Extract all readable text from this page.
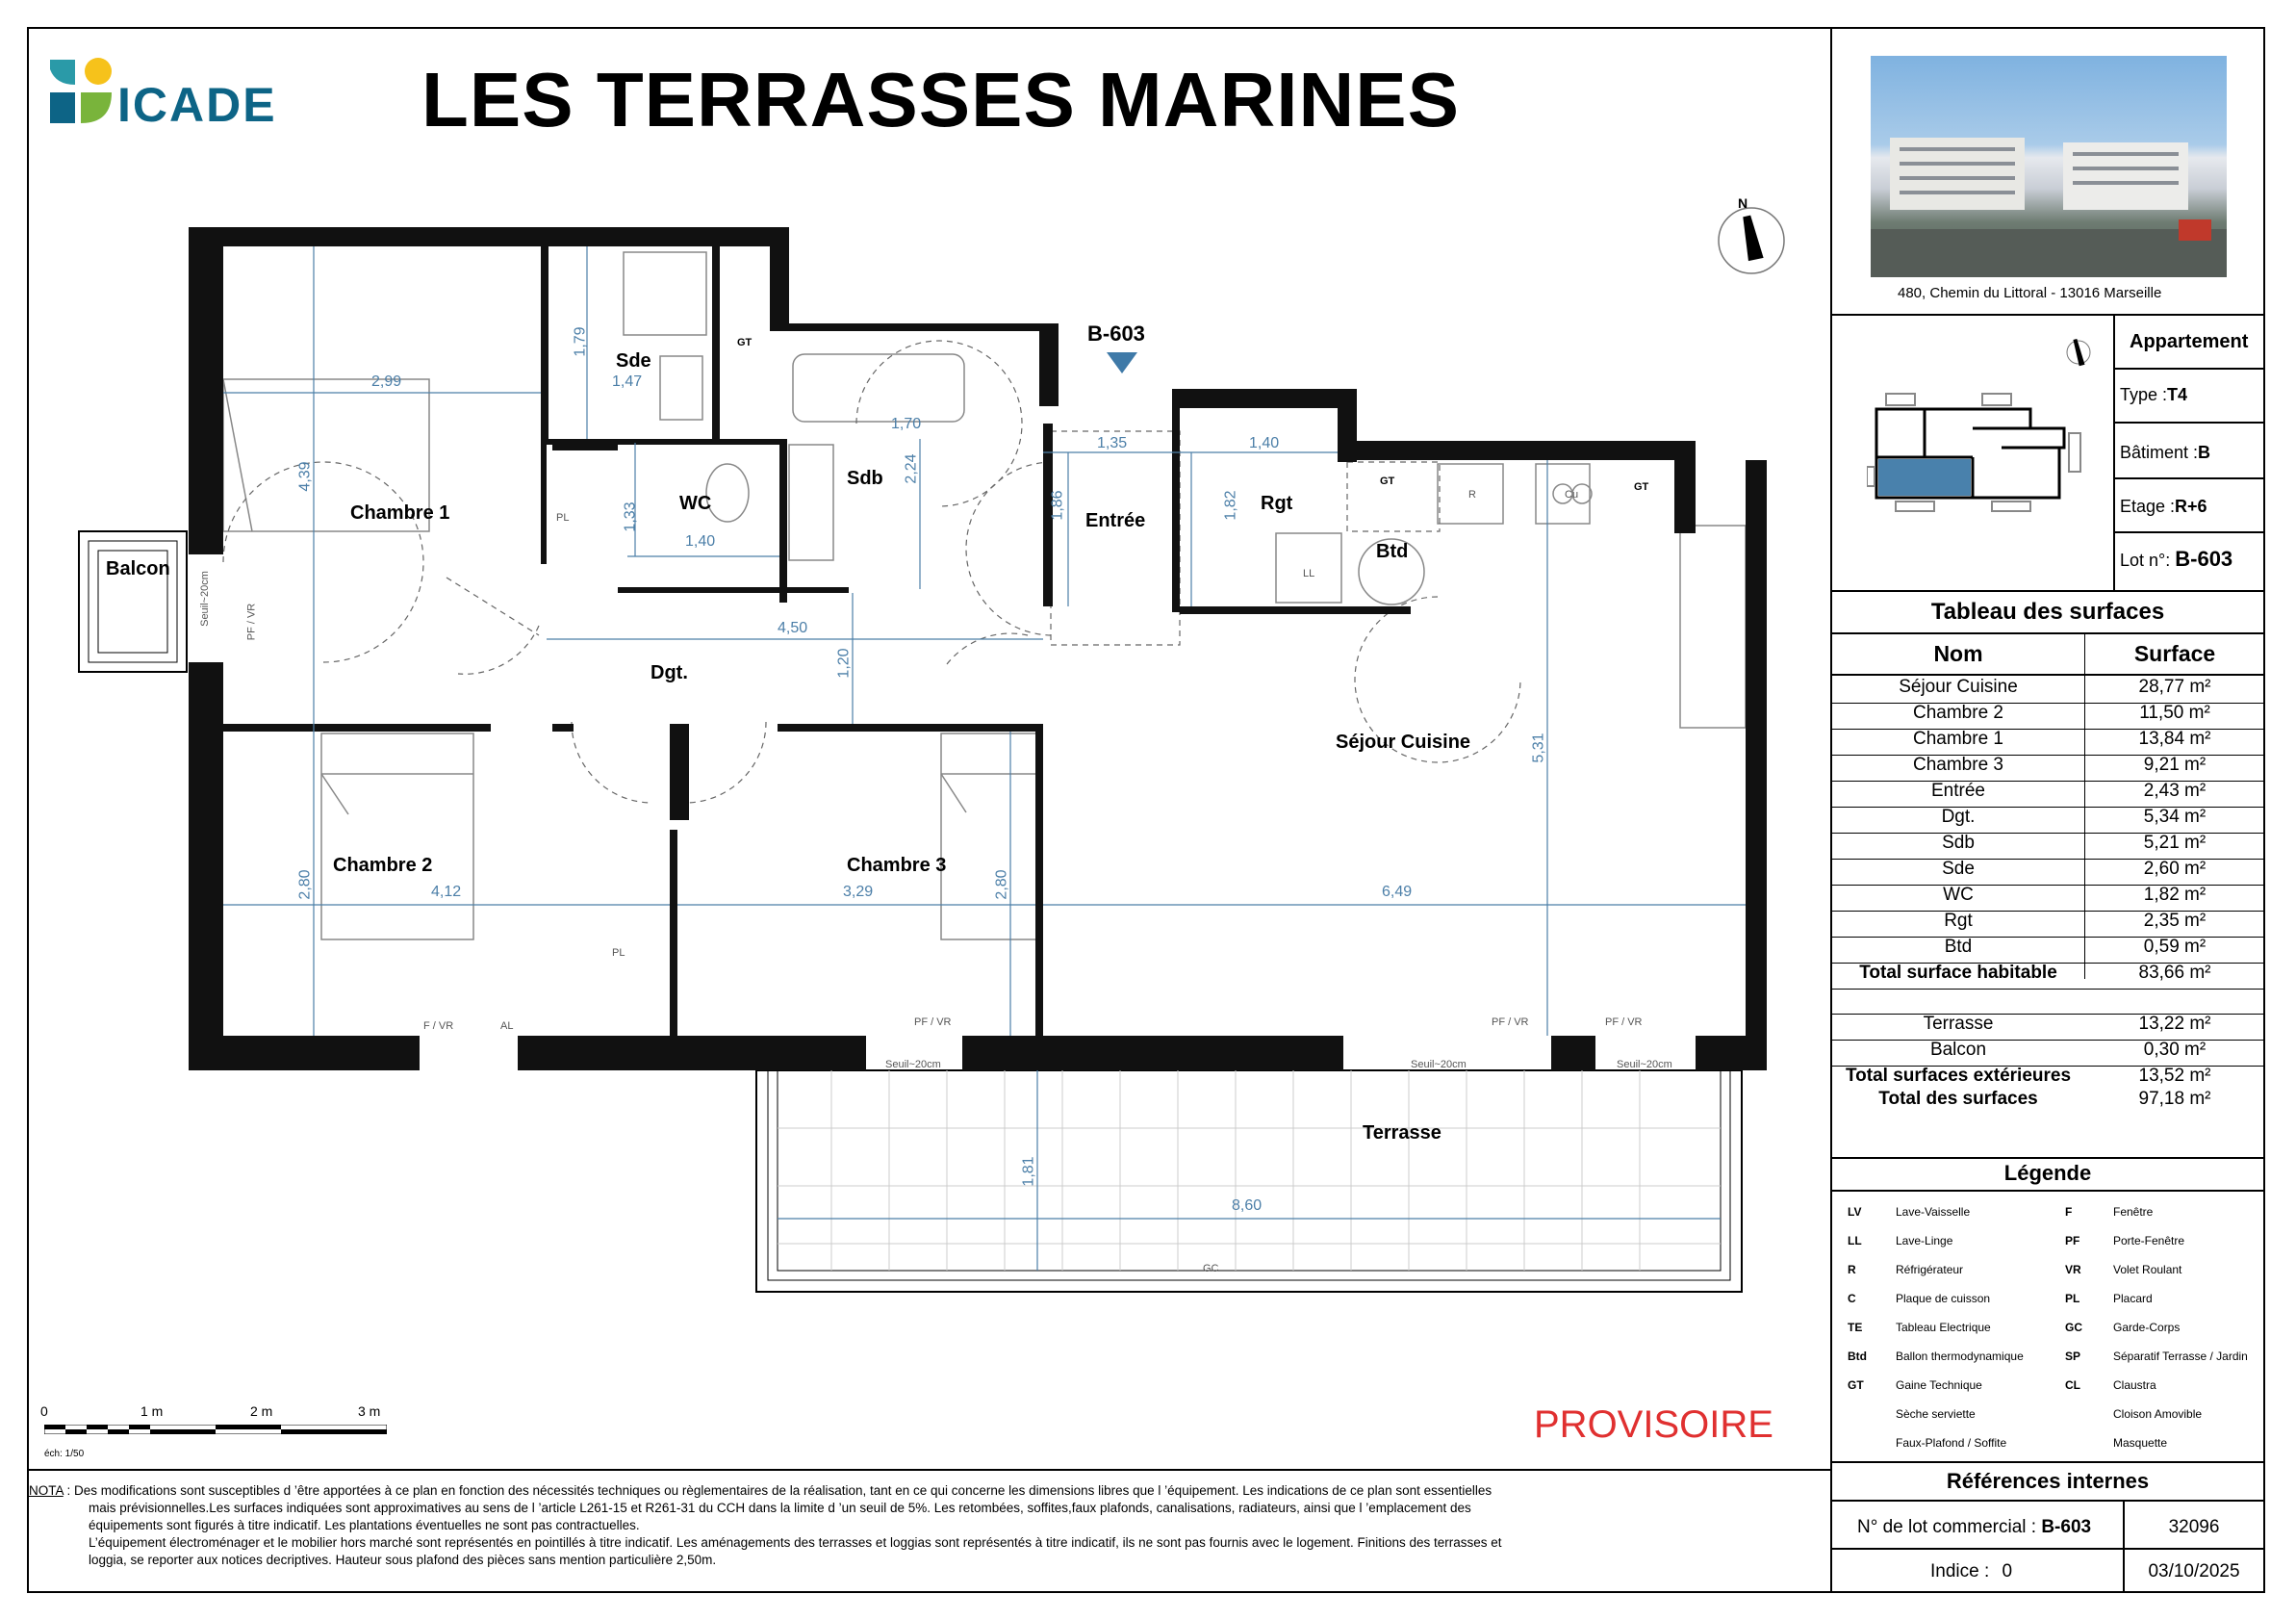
ICADE LES TERRASSES MARINES
N
480, Chemin du Littoral - 13016 Marseille
Appartement
Type :T4
Bâtiment :B
Etage :R+6
Lot n°: B-603
Tableau des surfaces
Nom	Surface
Séjour Cuisine	28,77 m²
Chambre 2	11,50 m²
Chambre 1	13,84 m²
Chambre 3	9,21 m²
Entrée	2,43 m²
Dgt.	5,34 m²
Sdb	5,21 m²
Sde	2,60 m²
WC	1,82 m²
Rgt	2,35 m²
Btd	0,59 m²
Total surface habitable	83,66 m²
Terrasse	13,22 m²
Balcon	0,30 m²
Total surfaces extérieures	13,52 m²
Total des surfaces	97,18 m²
Légende
LV	Lave-Vaisselle
LL	Lave-Linge
R	Réfrigérateur
C	Plaque de cuisson
TE	Tableau Electrique
Btd	Ballon thermodynamique
GT	Gaine Technique
Sèche serviette
Faux-Plafond / Soffite
F	Fenêtre
PF	Porte-Fenêtre
VR	Volet Roulant
PL	Placard
GC	Garde-Corps
SP	Séparatif Terrasse / Jardin
CL	Claustra
Cloison Amovible
Masquette
Références internes
N° de lot commercial : B-603	32096
Indice : 0	03/10/2025
PROVISOIRE
0	1 m	2 m	3 m
éch: 1/50
NOTA : Des modifications sont susceptibles d ’être apportées à ce plan en fonction des nécessités techniques ou règlementaires de la réalisation, tant en ce qui concerne les dimensions libres que l ’équipement. Les indications de ce plan sont essentielles
mais prévisionnelles.Les surfaces indiquées sont approximatives au sens de l ’article L261-15 et R261-31 du CCH dans la limite d ’un seuil de 5%. Les retombées, soffites,faux plafonds, canalisations, radiateurs, ainsi que l ’emplacement des
équipements sont figurés à titre indicatif. Les plantations éventuelles ne sont pas contractuelles.
L’équipement électroménager et le mobilier hors marché sont représentés en pointillés à titre indicatif. Les aménagements des terrasses et loggias sont représentés à titre indicatif, ils ne sont pas fournis avec le logement. Finitions des terrasses et
loggia, se reporter aux notices decriptives. Hauteur sous plafond des pièces sans mention particulière 2,50m.
Chambre 1
Sde
WC
Sdb
Entrée
Rgt
Btd
Balcon
Dgt.
Séjour Cuisine
Chambre 2	Chambre 3
Terrasse
B-603
2,99
4,39
1,79
1,47
1,33
1,40
2,24
1,70
1,35	1,40
1,86	1,82
4,50
1,20
5,31
2,80	4,12	3,29	2,80	6,49
1,81
8,60
GT
GT	GT
PL
PL
R	Cu
LL
PF / VR
Seuil~20cm
F / VR	AL	PF / VR
Seuil~20cm
PF / VR
Seuil~20cm
PF / VR
Seuil~20cm
GC
